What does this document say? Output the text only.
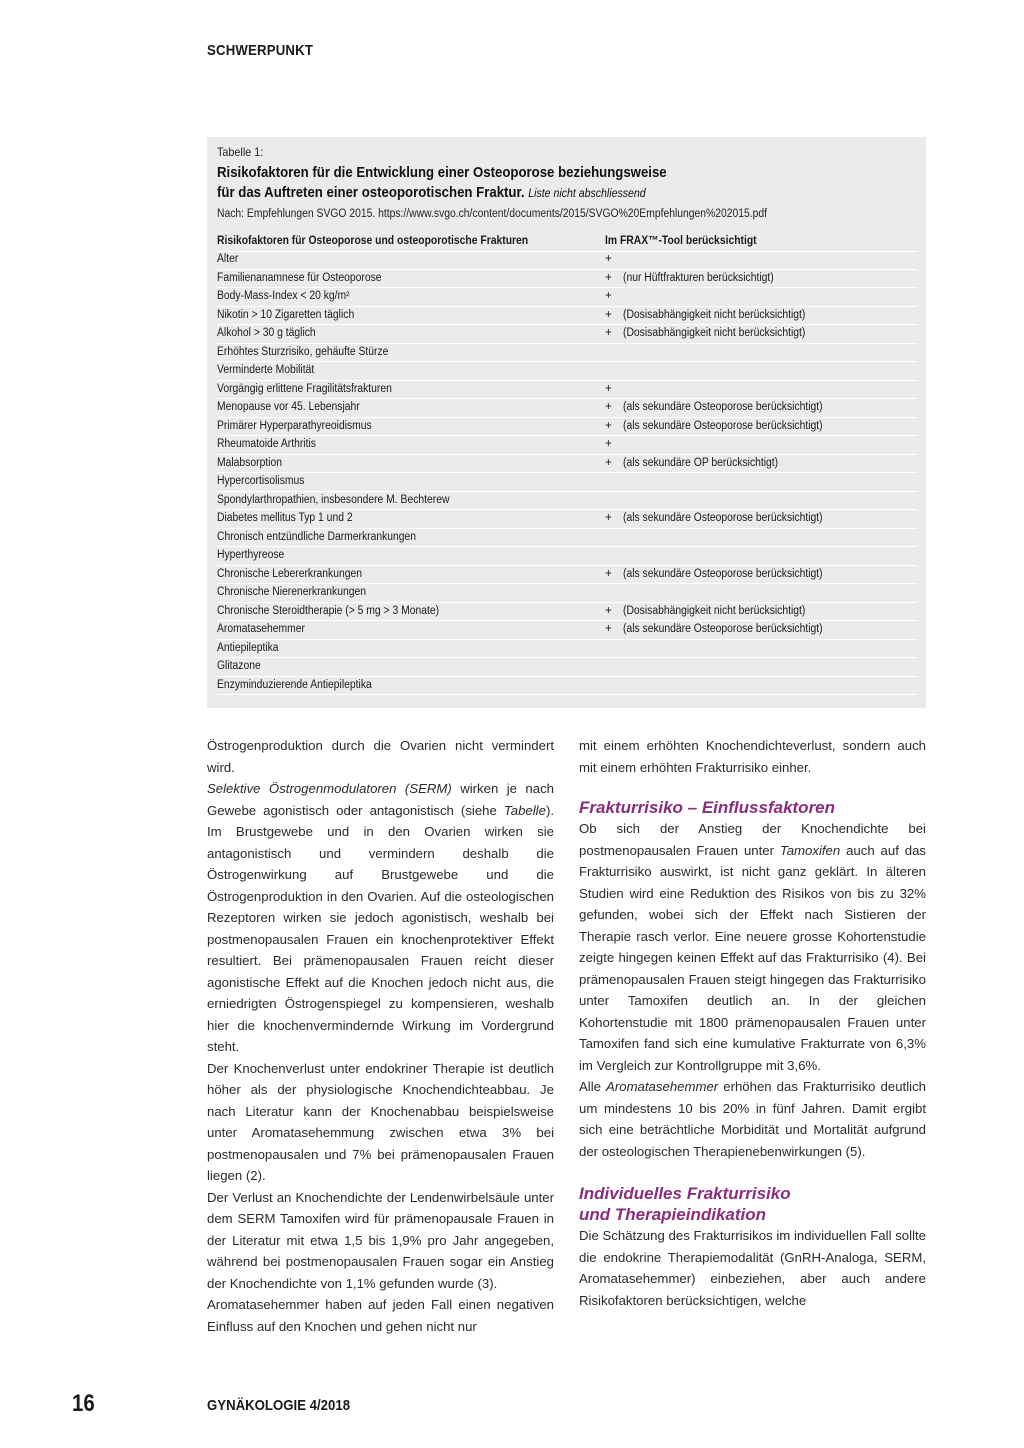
SCHWERPUNKT
Tabelle 1:
Risikofaktoren für die Entwicklung einer Osteoporose beziehungsweise
für das Auftreten einer osteoporotischen Fraktur. Liste nicht abschliessend
Nach: Empfehlungen SVGO 2015. https://www.svgo.ch/content/documents/2015/SVGO%20Empfehlungen%202015.pdf
Risikofaktoren für Osteoporose und osteoporotische Frakturen	Im FRAX™-Tool berücksichtigt
Alter	+
Familienanamnese für Osteoporose	+ (nur Hüftfrakturen berücksichtigt)
Body-Mass-Index < 20 kg/m²	+
Nikotin > 10 Zigaretten täglich	+ (Dosisabhängigkeit nicht berücksichtigt)
Alkohol > 30 g täglich	+ (Dosisabhängigkeit nicht berücksichtigt)
Erhöhtes Sturzrisiko, gehäufte Stürze
Verminderte Mobilität
Vorgängig erlittene Fragilitätsfrakturen	+
Menopause vor 45. Lebensjahr	+ (als sekundäre Osteoporose berücksichtigt)
Primärer Hyperparathyreoidismus	+ (als sekundäre Osteoporose berücksichtigt)
Rheumatoide Arthritis	+
Malabsorption	+ (als sekundäre OP berücksichtigt)
Hypercortisolismus
Spondylarthropathien, insbesondere M. Bechterew
Diabetes mellitus Typ 1 und 2	+ (als sekundäre Osteoporose berücksichtigt)
Chronisch entzündliche Darmerkrankungen
Hyperthyreose
Chronische Lebererkrankungen	+ (als sekundäre Osteoporose berücksichtigt)
Chronische Nierenerkrankungen
Chronische Steroidtherapie (> 5 mg > 3 Monate)	+ (Dosisabhängigkeit nicht berücksichtigt)
Aromatasehemmer	+ (als sekundäre Osteoporose berücksichtigt)
Antiepileptika
Glitazone
Enzyminduzierende Antiepileptika

Östrogenproduktion durch die Ovarien nicht vermindert wird.

Selektive Östrogenmodulatoren (SERM) wirken je nach Gewebe agonistisch oder antagonistisch (siehe Tabelle). Im Brustgewebe und in den Ovarien wirken sie antagonistisch und vermindern deshalb die Östrogenwirkung auf Brustgewebe und die Östrogenproduktion in den Ovarien. Auf die osteologischen Rezeptoren wirken sie jedoch agonistisch, weshalb bei postmenopausalen Frauen ein knochenprotektiver Effekt resultiert. Bei prämenopausalen Frauen reicht dieser agonistische Effekt auf die Knochen jedoch nicht aus, die erniedrigten Östrogenspiegel zu kompensieren, weshalb hier die knochenvermindernde Wirkung im Vordergrund steht.

Der Knochenverlust unter endokriner Therapie ist deutlich höher als der physiologische Knochendichteabbau. Je nach Literatur kann der Knochenabbau beispielsweise unter Aromatasehemmung zwischen etwa 3% bei postmenopausalen und 7% bei prämenopausalen Frauen liegen (2).

Der Verlust an Knochendichte der Lendenwirbelsäule unter dem SERM Tamoxifen wird für prämenopausale Frauen in der Literatur mit etwa 1,5 bis 1,9% pro Jahr angegeben, während bei postmenopausalen Frauen sogar ein Anstieg der Knochendichte von 1,1% gefunden wurde (3).

Aromatasehemmer haben auf jeden Fall einen negativen Einfluss auf den Knochen und gehen nicht nur

mit einem erhöhten Knochendichteverlust, sondern auch mit einem erhöhten Frakturrisiko einher.

Frakturrisiko – Einflussfaktoren

Ob sich der Anstieg der Knochendichte bei postmenopausalen Frauen unter Tamoxifen auch auf das Frakturrisiko auswirkt, ist nicht ganz geklärt. In älteren Studien wird eine Reduktion des Risikos von bis zu 32% gefunden, wobei sich der Effekt nach Sistieren der Therapie rasch verlor. Eine neuere grosse Kohortenstudie zeigte hingegen keinen Effekt auf das Frakturrisiko (4). Bei prämenopausalen Frauen steigt hingegen das Frakturrisiko unter Tamoxifen deutlich an. In der gleichen Kohortenstudie mit 1800 prämenopausalen Frauen unter Tamoxifen fand sich eine kumulative Frakturrate von 6,3% im Vergleich zur Kontrollgruppe mit 3,6%.

Alle Aromatasehemmer erhöhen das Frakturrisiko deutlich um mindestens 10 bis 20% in fünf Jahren. Damit ergibt sich eine beträchtliche Morbidität und Mortalität aufgrund der osteologischen Therapienebenwirkungen (5).

Individuelles Frakturrisiko
und Therapieindikation

Die Schätzung des Frakturrisikos im individuellen Fall sollte die endokrine Therapiemodalität (GnRH-Analoga, SERM, Aromatasehemmer) einbeziehen, aber auch andere Risikofaktoren berücksichtigen, welche

16	GYNÄKOLOGIE 4/2018
